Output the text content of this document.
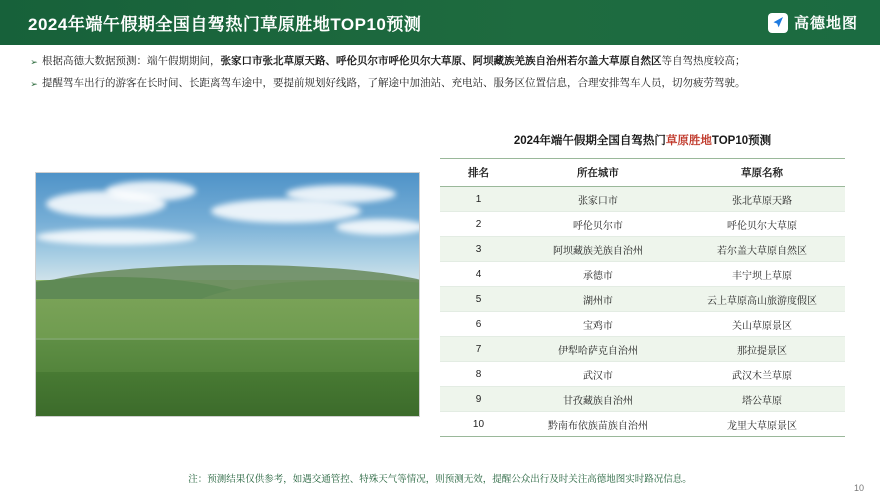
2024年端午假期全国自驾热门草原胜地TOP10预测	高德地图
➢ 根据高德大数据预测：端午假期期间，张家口市张北草原天路、呼伦贝尔市呼伦贝尔大草原、阿坝藏族羌族自治州若尔盖大草原自然区等自驾热度较高；
➢ 提醒驾车出行的游客在长时间、长距离驾车途中，要提前规划好线路，了解途中加油站、充电站、服务区位置信息，合理安排驾车人员，切勿疲劳驾驶。
2024年端午假期全国自驾热门草原胜地TOP10预测
排名	所在城市	草原名称
1	张家口市	张北草原天路
2	呼伦贝尔市	呼伦贝尔大草原
3	阿坝藏族羌族自治州	若尔盖大草原自然区
4	承德市	丰宁坝上草原
5	湖州市	云上草原高山旅游度假区
6	宝鸡市	关山草原景区
7	伊犁哈萨克自治州	那拉提景区
8	武汉市	武汉木兰草原
9	甘孜藏族自治州	塔公草原
10	黔南布依族苗族自治州	龙里大草原景区
注：预测结果仅供参考，如遇交通管控、特殊天气等情况，则预测无效，提醒公众出行及时关注高德地图实时路况信息。
10
